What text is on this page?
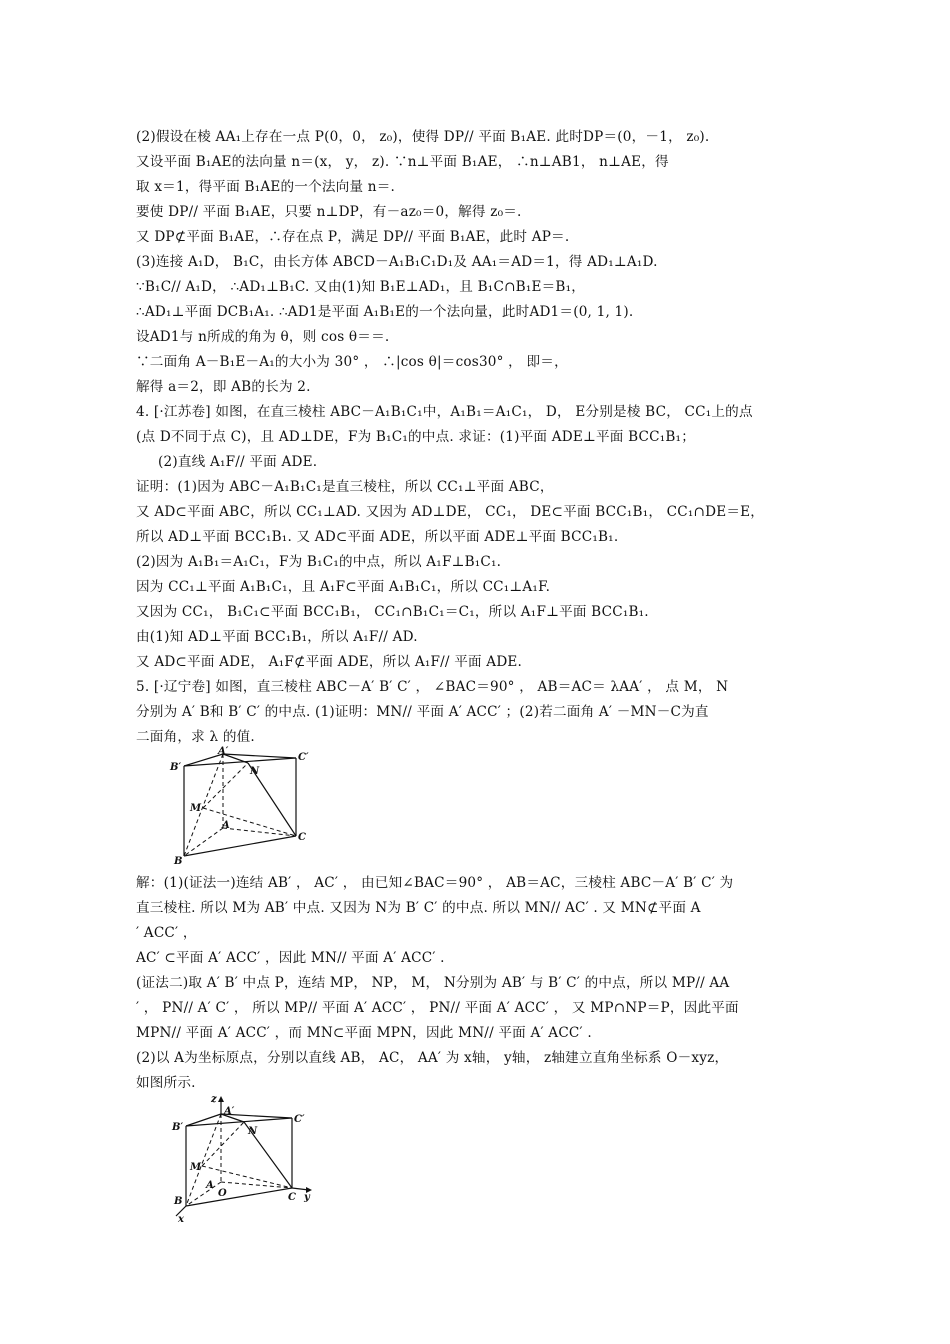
(2)假设在棱 AA₁上存在一点 P(0，0， z₀)，使得 DP// 平面 B₁AE. 此时DP＝(0，－1， z₀).
又设平面 B₁AE的法向量 n＝(x， y， z). ∵n⊥平面 B₁AE， ∴n⊥AB1， n⊥AE，得
取 x＝1，得平面 B₁AE的一个法向量 n＝.
要使 DP// 平面 B₁AE，只要 n⊥DP，有－az₀＝0，解得 z₀＝.
又 DP⊄平面 B₁AE，∴存在点 P，满足 DP// 平面 B₁AE，此时 AP＝.
(3)连接 A₁D， B₁C，由长方体 ABCD－A₁B₁C₁D₁及 AA₁＝AD＝1，得 AD₁⊥A₁D.
∵B₁C// A₁D， ∴AD₁⊥B₁C. 又由(1)知 B₁E⊥AD₁，且 B₁C∩B₁E＝B₁，
∴AD₁⊥平面 DCB₁A₁. ∴AD1是平面 A₁B₁E的一个法向量，此时AD1＝(0, 1, 1).
设AD1与 n所成的角为 θ，则 cos θ＝＝.
∵二面角 A－B₁E－A₁的大小为 30° ， ∴|cos θ|＝cos30° ， 即＝，
解得 a＝2，即 AB的长为 2.
4. [·江苏卷] 如图，在直三棱柱 ABC－A₁B₁C₁中，A₁B₁＝A₁C₁， D， E分别是棱 BC， CC₁上的点
(点 D不同于点 C)，且 AD⊥DE，F为 B₁C₁的中点. 求证：(1)平面 ADE⊥平面 BCC₁B₁；
(2)直线 A₁F// 平面 ADE.
证明：(1)因为 ABC－A₁B₁C₁是直三棱柱，所以 CC₁⊥平面 ABC，
又 AD⊂平面 ABC，所以 CC₁⊥AD. 又因为 AD⊥DE， CC₁， DE⊂平面 BCC₁B₁， CC₁∩DE＝E，
所以 AD⊥平面 BCC₁B₁. 又 AD⊂平面 ADE，所以平面 ADE⊥平面 BCC₁B₁.
(2)因为 A₁B₁＝A₁C₁，F为 B₁C₁的中点，所以 A₁F⊥B₁C₁.
因为 CC₁⊥平面 A₁B₁C₁，且 A₁F⊂平面 A₁B₁C₁，所以 CC₁⊥A₁F.
又因为 CC₁， B₁C₁⊂平面 BCC₁B₁， CC₁∩B₁C₁＝C₁，所以 A₁F⊥平面 BCC₁B₁.
由(1)知 AD⊥平面 BCC₁B₁，所以 A₁F// AD.
又 AD⊂平面 ADE， A₁F⊄平面 ADE，所以 A₁F// 平面 ADE.
5. [·辽宁卷] 如图，直三棱柱 ABC－A′ B′ C′ ， ∠BAC＝90° ， AB＝AC＝ λAA′ ， 点 M， N
分别为 A′ B和 B′ C′ 的中点. (1)证明：MN// 平面 A′ ACC′ ；(2)若二面角 A′ －MN－C为直
二面角，求 λ 的值.
A′
B′
C′
N
M
A
B
C
解：(1)(证法一)连结 AB′ ， AC′ ， 由已知∠BAC＝90° ， AB＝AC，三棱柱 ABC－A′ B′ C′ 为
直三棱柱. 所以 M为 AB′ 中点. 又因为 N为 B′ C′ 的中点. 所以 MN// AC′ . 又 MN⊄平面 A
′ ACC′ ，
AC′ ⊂平面 A′ ACC′ ，因此 MN// 平面 A′ ACC′ .
(证法二)取 A′ B′ 中点 P，连结 MP， NP， M， N分别为 AB′ 与 B′ C′ 的中点，所以 MP// AA
′ ， PN// A′ C′ ， 所以 MP// 平面 A′ ACC′ ， PN// 平面 A′ ACC′ ， 又 MP∩NP＝P，因此平面
MPN// 平面 A′ ACC′ ，而 MN⊂平面 MPN，因此 MN// 平面 A′ ACC′ .
(2)以 A为坐标原点，分别以直线 AB， AC， AA′ 为 x轴， y轴， z轴建立直角坐标系 O－xyz，
如图所示.
z
A′
C′
B′	N
M
A
O
B	C y
x
